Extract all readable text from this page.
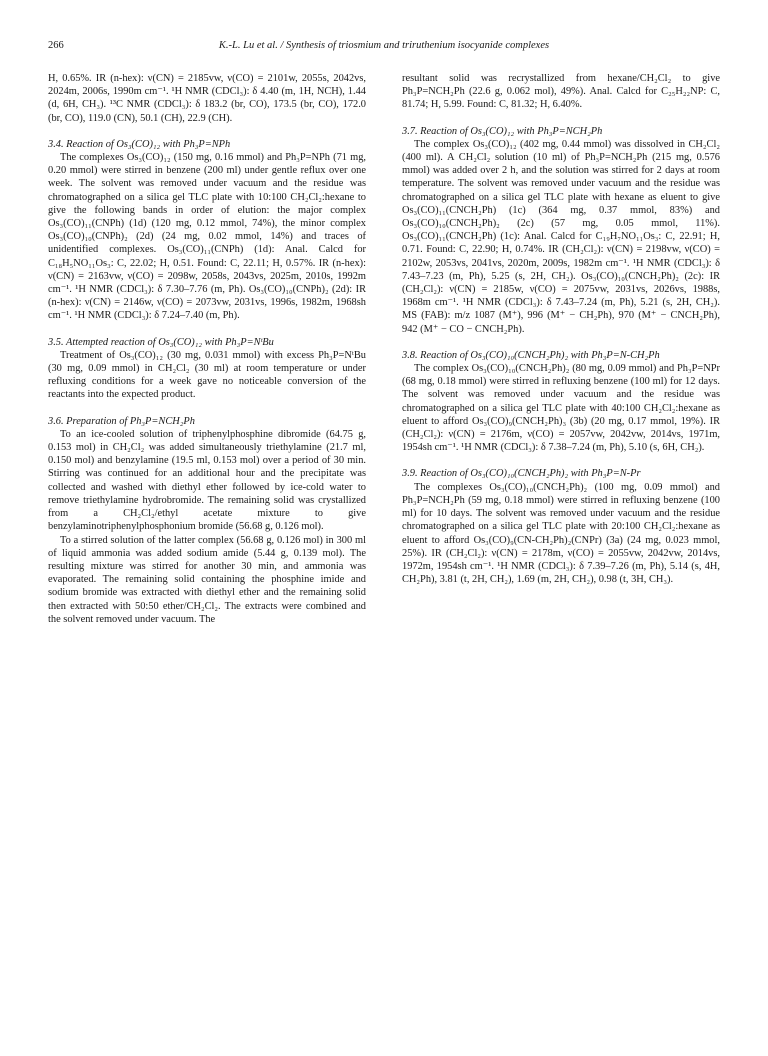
266	K.-L. Lu et al. / Synthesis of triosmium and triruthenium isocyanide complexes

H, 0.65%. IR (n-hex): ν(CN) = 2185vw, ν(CO) = 2101w, 2055s, 2042vs, 2024m, 2006s, 1990m cm⁻¹. ¹H NMR (CDCl₃): δ 4.40 (m, 1H, NCH), 1.44 (d, 6H, CH₃). ¹³C NMR (CDCl₃): δ 183.2 (br, CO), 173.5 (br, CO), 172.0 (br, CO), 119.0 (CN), 50.1 (CH), 22.9 (CH).

3.4. Reaction of Os₃(CO)₁₂ with Ph₃P=NPh

The complexes Os₃(CO)₁₂ (150 mg, 0.16 mmol) and Ph₃P=NPh (71 mg, 0.20 mmol) were stirred in benzene (200 ml) under gentle reflux over one week. The solvent was removed under vacuum and the residue was chromatographed on a silica gel TLC plate with 10:100 CH₂Cl₂:hexane to give the following bands in order of elution: the major complex Os₃(CO)₁₁(CNPh) (1d) (120 mg, 0.12 mmol, 74%), the minor complex Os₃(CO)₁₀(CNPh)₂ (2d) (24 mg, 0.02 mmol, 14%) and traces of unidentified complexes. Os₃(CO)₁₁(CNPh) (1d): Anal. Calcd for C₁₈H₅NO₁₁Os₃: C, 22.02; H, 0.51. Found: C, 22.11; H, 0.57%. IR (n-hex): ν(CN) = 2163vw, ν(CO) = 2098w, 2058s, 2043vs, 2025m, 2010s, 1992m cm⁻¹. ¹H NMR (CDCl₃): δ 7.30–7.76 (m, Ph). Os₃(CO)₁₀(CNPh)₂ (2d): IR (n-hex): ν(CN) = 2146w, ν(CO) = 2073vw, 2031vs, 1996s, 1982m, 1968sh cm⁻¹. ¹H NMR (CDCl₃): δ 7.24–7.40 (m, Ph).

3.5. Attempted reaction of Os₃(CO)₁₂ with Ph₃P=NᵗBu

Treatment of Os₃(CO)₁₂ (30 mg, 0.031 mmol) with excess Ph₃P=NᵗBu (30 mg, 0.09 mmol) in CH₂Cl₂ (30 ml) at room temperature or under refluxing conditions for a week gave no noticeable conversion of the reactants into the expected product.

3.6. Preparation of Ph₃P=NCH₂Ph

To an ice-cooled solution of triphenylphosphine dibromide (64.75 g, 0.153 mol) in CH₂Cl₂ was added simultaneously triethylamine (21.7 ml, 0.150 mol) and benzylamine (19.5 ml, 0.153 mol) over a period of 30 min. Stirring was continued for an additional hour and the precipitate was collected and washed with diethyl ether followed by ice-cold water to remove triethylamine hydrobromide. The remaining solid was crystallized from a CH₂Cl₂/ethyl acetate mixture to give benzylaminotriphenylphosphonium bromide (56.68 g, 0.126 mol).

To a stirred solution of the latter complex (56.68 g, 0.126 mol) in 300 ml of liquid ammonia was added sodium amide (5.44 g, 0.139 mol). The resulting mixture was stirred for another 30 min, and ammonia was evaporated. The remaining solid containing the phosphine imide and sodium bromide was extracted with diethyl ether and the remaining solid then extracted with 50:50 ether/CH₂Cl₂. The extracts were combined and the solvent removed under vacuum. The

resultant solid was recrystallized from hexane/CH₂Cl₂ to give Ph₃P=NCH₂Ph (22.6 g, 0.062 mol), 49%). Anal. Calcd for C₂₅H₂₂NP: C, 81.74; H, 5.99. Found: C, 81.32; H, 6.40%.

3.7. Reaction of Os₃(CO)₁₂ with Ph₃P=NCH₂Ph

The complex Os₃(CO)₁₂ (402 mg, 0.44 mmol) was dissolved in CH₂Cl₂ (400 ml). A CH₂Cl₂ solution (10 ml) of Ph₃P=NCH₂Ph (215 mg, 0.576 mmol) was added over 2 h, and the solution was stirred for 2 days at room temperature. The solvent was removed under vacuum and the residue was chromatographed on a silica gel TLC plate with hexane as eluent to give Os₃(CO)₁₁(CNCH₂Ph) (1c) (364 mg, 0.37 mmol, 83%) and Os₃(CO)₁₀(CNCH₂Ph)₂ (2c) (57 mg, 0.05 mmol, 11%). Os₃(CO)₁₁(CNCH₂Ph) (1c): Anal. Calcd for C₁₉H₇NO₁₁Os₃: C, 22.91; H, 0.71. Found: C, 22.90; H, 0.74%. IR (CH₂Cl₂): ν(CN) = 2198vw, ν(CO) = 2102w, 2053vs, 2041vs, 2020m, 2009s, 1982m cm⁻¹. ¹H NMR (CDCl₃): δ 7.43–7.23 (m, Ph), 5.25 (s, 2H, CH₂). Os₃(CO)₁₀(CNCH₂Ph)₂ (2c): IR (CH₂Cl₂): ν(CN) = 2185w, ν(CO) = 2075vw, 2031vs, 2026vs, 1988s, 1968m cm⁻¹. ¹H NMR (CDCl₃): δ 7.43–7.24 (m, Ph), 5.21 (s, 2H, CH₂). MS (FAB): m/z 1087 (M⁺), 996 (M⁺ − CH₂Ph), 970 (M⁺ − CNCH₂Ph), 942 (M⁺ − CO − CNCH₂Ph).

3.8. Reaction of Os₃(CO)₁₀(CNCH₂Ph)₂ with Ph₃P=N-CH₂Ph

The complex Os₃(CO)₁₀(CNCH₂Ph)₂ (80 mg, 0.09 mmol) and Ph₃P=NPr (68 mg, 0.18 mmol) were stirred in refluxing benzene (100 ml) for 12 days. The solvent was removed under vacuum and the residue was chromatographed on a silica gel TLC plate with 40:100 CH₂Cl₂:hexane as eluent to afford Os₃(CO)₉(CNCH₂Ph)₃ (3b) (20 mg, 0.17 mmol, 19%). IR (CH₂Cl₂): ν(CN) = 2176m, ν(CO) = 2057vw, 2042vw, 2014vs, 1971m, 1954sh cm⁻¹. ¹H NMR (CDCl₃): δ 7.38–7.24 (m, Ph), 5.10 (s, 6H, CH₂).

3.9. Reaction of Os₃(CO)₁₀(CNCH₂Ph)₂ with Ph₃P=N-Pr

The complexes Os₃(CO)₁₀(CNCH₂Ph)₂ (100 mg, 0.09 mmol) and Ph₃P=NCH₂Ph (59 mg, 0.18 mmol) were stirred in refluxing benzene (100 ml) for 10 days. The solvent was removed under vacuum and the residue chromatographed on a silica gel TLC plate with 20:100 CH₂Cl₂:hexane as eluent to afford Os₃(CO)₉(CN-CH₂Ph)₂(CNPr) (3a) (24 mg, 0.023 mmol, 25%). IR (CH₂Cl₂): ν(CN) = 2178m, ν(CO) = 2055vw, 2042vw, 2014vs, 1972m, 1954sh cm⁻¹. ¹H NMR (CDCl₃): δ 7.39–7.26 (m, Ph), 5.14 (s, 4H, CH₂Ph), 3.81 (t, 2H, CH₂), 1.69 (m, 2H, CH₂), 0.98 (t, 3H, CH₃).
